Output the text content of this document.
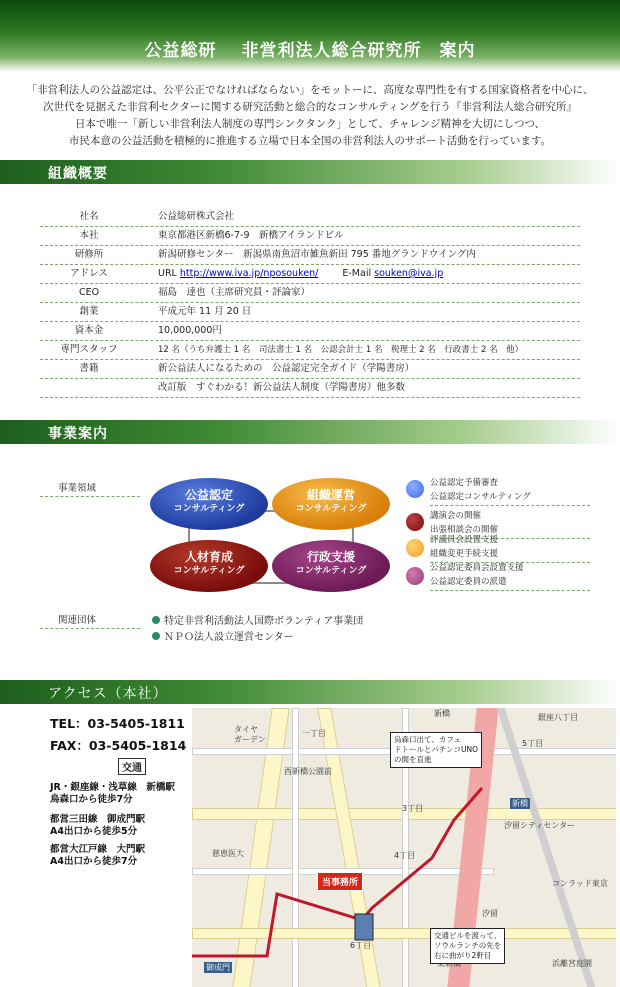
公益総研　 非営利法人総合研究所　案内
「非営利法人の公益認定は、公平公正でなければならない」をモットーに、高度な専門性を有する国家資格者を中心に、
次世代を見据えた非営利セクターに関する研究活動と総合的なコンサルティングを行う『非営利法人総合研究所』
日本で唯一「新しい非営利法人制度の専門シンクタンク」として、チャレンジ精神を大切にしつつ、
市民本意の公益活動を積極的に推進する立場で日本全国の非営利法人のサポート活動を行っています。
組織概要
社名	公益総研株式会社
本社	東京都港区新橋6-7-9　新橋アイランドビル
研修所	新潟研修センター　新潟県南魚沼市雑魚新田 795 番地グランドウイング内
アドレス	URL http://www.iva.jp/nposouken/	E-Mail souken@iva.jp
CEO	福島　達也（主席研究員・評論家）
創業	平成元年 11 月 20 日
資本金	10,000,000円
専門スタッフ	12 名（うち弁護士 1 名　司法書士 1 名　公認会計士 1 名　税理士 2 名　行政書士 2 名　他）
書籍	新公益法人になるための　公益認定完全ガイド（学陽書房）
改訂版　すぐわかる！新公益法人制度（学陽書房）他多数
事業案内
事業領域	公益認定
コンサルティング
組織運営
コンサルティング
人材育成
コンサルティング
行政支援
コンサルティング
公益認定予備審査
公益認定コンサルティング
講演会の開催
出張相談会の開催
評議員会設置支援
組織変更手続支援
公益認定委員会設置支援
公益認定委員の派遣
関連団体	特定非営利活動法人国際ボランティア事業団
ＮＰＯ法人設立運営センター
アクセス（本社）
TEL：03-5405-1811
FAX：03-5405-1814
交通
JR・銀座線・浅草線　新橋駅
烏森口から徒歩7分
都営三田線　御成門駅
A4出口から徒歩5分
都営大江戸線　大門駅
A4出口から徒歩7分
タイヤ
ガーデン
一丁目
西新橋公園前
新橋
3丁目
4丁目
6丁目
5丁目
銀座八丁目
汐留シティセンター
汐留
慈恵医大
コンラッド東京
浜離宮庭園
新橋
御成門
烏森口出て、カフェ
ドトールとパチンコUNO
の間を直進
交通ビルを渡って、
ソウルランチの先を
右に曲がり2軒目
当事務所
